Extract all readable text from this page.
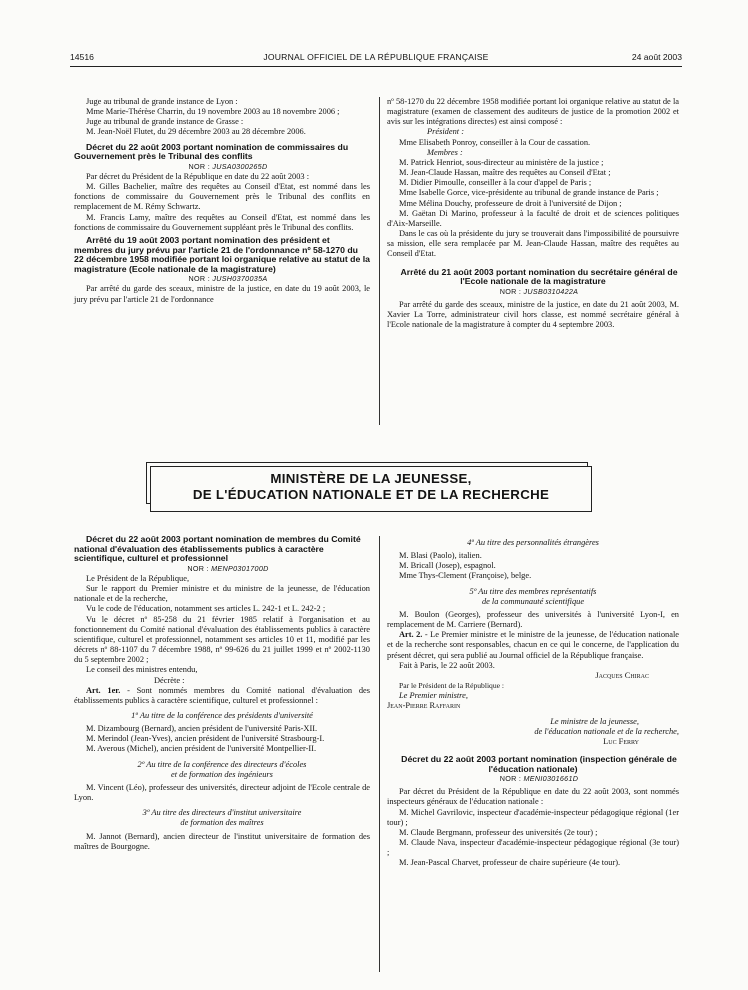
14516	JOURNAL OFFICIEL DE LA RÉPUBLIQUE FRANÇAISE	24 août 2003

Juge au tribunal de grande instance de Lyon :

Mme Marie-Thérèse Charrin, du 19 novembre 2003 au 18 novembre 2006 ;

Juge au tribunal de grande instance de Grasse :

M. Jean-Noël Flutet, du 29 décembre 2003 au 28 décembre 2006.

Décret du 22 août 2003 portant nomination de commissaires du Gouvernement près le Tribunal des conflits

NOR : JUSA0300265D

Par décret du Président de la République en date du 22 août 2003 :

M. Gilles Bachelier, maître des requêtes au Conseil d'Etat, est nommé dans les fonctions de commissaire du Gouvernement près le Tribunal des conflits en remplacement de M. Rémy Schwartz.

M. Francis Lamy, maître des requêtes au Conseil d'Etat, est nommé dans les fonctions de commissaire du Gouvernement suppléant près le Tribunal des conflits.

Arrêté du 19 août 2003 portant nomination des président et membres du jury prévu par l'article 21 de l'ordonnance nº 58-1270 du 22 décembre 1958 modifiée portant loi organique relative au statut de la magistrature (Ecole nationale de la magistrature)

NOR : JUSH0370035A

Par arrêté du garde des sceaux, ministre de la justice, en date du 19 août 2003, le jury prévu par l'article 21 de l'ordonnance

nº 58-1270 du 22 décembre 1958 modifiée portant loi organique relative au statut de la magistrature (examen de classement des auditeurs de justice de la promotion 2002 et avis sur les intégrations directes) est ainsi composé :

Président :

Mme Elisabeth Ponroy, conseiller à la Cour de cassation.

Membres :

M. Patrick Henriot, sous-directeur au ministère de la justice ;

M. Jean-Claude Hassan, maître des requêtes au Conseil d'Etat ;

M. Didier Pimoulle, conseiller à la cour d'appel de Paris ;

Mme Isabelle Gorce, vice-présidente au tribunal de grande instance de Paris ;

Mme Mélina Douchy, professeure de droit à l'université de Dijon ;

M. Gaëtan Di Marino, professeur à la faculté de droit et de sciences politiques d'Aix-Marseille.

Dans le cas où la présidente du jury se trouverait dans l'impossibilité de poursuivre sa mission, elle sera remplacée par M. Jean-Claude Hassan, maître des requêtes au Conseil d'Etat.

Arrêté du 21 août 2003 portant nomination du secrétaire général de l'Ecole nationale de la magistrature

NOR : JUSB0310422A

Par arrêté du garde des sceaux, ministre de la justice, en date du 21 août 2003, M. Xavier La Torre, administrateur civil hors classe, est nommé secrétaire général à l'Ecole nationale de la magistrature à compter du 4 septembre 2003.

MINISTÈRE DE LA JEUNESSE,
DE L'ÉDUCATION NATIONALE ET DE LA RECHERCHE

Décret du 22 août 2003 portant nomination de membres du Comité national d'évaluation des établissements publics à caractère scientifique, culturel et professionnel

NOR : MENP0301700D

Le Président de la République,

Sur le rapport du Premier ministre et du ministre de la jeunesse, de l'éducation nationale et de la recherche,

Vu le code de l'éducation, notamment ses articles L. 242-1 et L. 242-2 ;

Vu le décret nº 85-258 du 21 février 1985 relatif à l'organisation et au fonctionnement du Comité national d'évaluation des établissements publics à caractère scientifique, culturel et professionnel, notamment ses articles 10 et 11, modifié par les décrets nº 88-1107 du 7 décembre 1988, nº 99-626 du 21 juillet 1999 et nº 2002-1130 du 5 septembre 2002 ;

Le conseil des ministres entendu,

Décrète :

Art. 1er. - Sont nommés membres du Comité national d'évaluation des établissements publics à caractère scientifique, culturel et professionnel :

1º Au titre de la conférence des présidents d'université

M. Dizambourg (Bernard), ancien président de l'université Paris-XII.

M. Merindol (Jean-Yves), ancien président de l'université Strasbourg-I.

M. Averous (Michel), ancien président de l'université Montpellier-II.

2º Au titre de la conférence des directeurs d'écoles

et de formation des ingénieurs

M. Vincent (Léo), professeur des universités, directeur adjoint de l'Ecole centrale de Lyon.

3º Au titre des directeurs d'institut universitaire

de formation des maîtres

M. Jannot (Bernard), ancien directeur de l'institut universitaire de formation des maîtres de Bourgogne.

4º Au titre des personnalités étrangères

M. Blasi (Paolo), italien.

M. Bricall (Josep), espagnol.

Mme Thys-Clement (Françoise), belge.

5º Au titre des membres représentatifs

de la communauté scientifique

M. Boulon (Georges), professeur des universités à l'université Lyon-I, en remplacement de M. Carriere (Bernard).

Art. 2. - Le Premier ministre et le ministre de la jeunesse, de l'éducation nationale et de la recherche sont responsables, chacun en ce qui le concerne, de l'application du présent décret, qui sera publié au Journal officiel de la République française.

Fait à Paris, le 22 août 2003.

Jacques Chirac

Par le Président de la République :

Le Premier ministre,

Jean-Pierre Raffarin

Le ministre de la jeunesse,

de l'éducation nationale et de la recherche,

Luc Ferry

Décret du 22 août 2003 portant nomination (inspection générale de l'éducation nationale)

NOR : MENI0301661D

Par décret du Président de la République en date du 22 août 2003, sont nommés inspecteurs généraux de l'éducation nationale :

M. Michel Gavrilovic, inspecteur d'académie-inspecteur pédagogique régional (1er tour) ;

M. Claude Bergmann, professeur des universités (2e tour) ;

M. Claude Nava, inspecteur d'académie-inspecteur pédagogique régional (3e tour) ;

M. Jean-Pascal Charvet, professeur de chaire supérieure (4e tour).
